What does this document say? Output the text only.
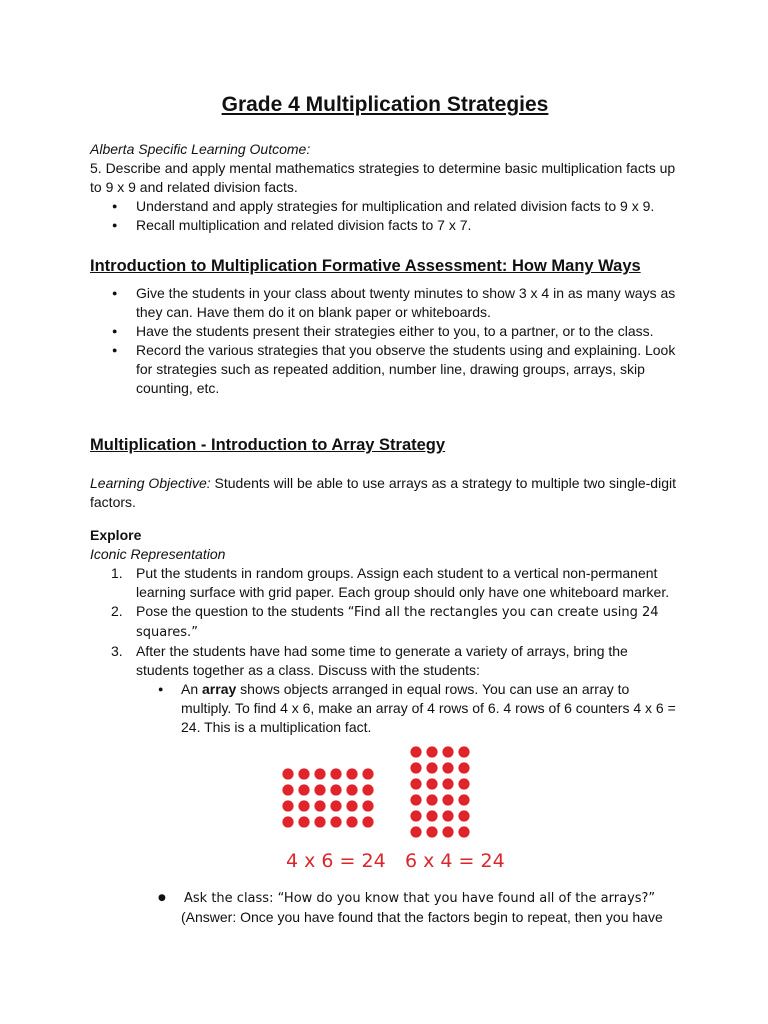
Grade 4 Multiplication Strategies
Alberta Specific Learning Outcome:
5. Describe and apply mental mathematics strategies to determine basic multiplication facts up to 9 x 9 and related division facts.
● Understand and apply strategies for multiplication and related division facts to 9 x 9.
● Recall multiplication and related division facts to 7 x 7.
Introduction to Multiplication Formative Assessment: How Many Ways
● Give the students in your class about twenty minutes to show 3 x 4 in as many ways as they can. Have them do it on blank paper or whiteboards.
● Have the students present their strategies either to you, to a partner, or to the class.
● Record the various strategies that you observe the students using and explaining. Look for strategies such as repeated addition, number line, drawing groups, arrays, skip counting, etc.
Multiplication - Introduction to Array Strategy
Learning Objective: Students will be able to use arrays as a strategy to multiple two single-digit factors.
Explore
Iconic Representation
1. Put the students in random groups. Assign each student to a vertical non-permanent learning surface with grid paper. Each group should only have one whiteboard marker.
2. Pose the question to the students “Find all the rectangles you can create using 24 squares.”
3. After the students have had some time to generate a variety of arrays, bring the students together as a class. Discuss with the students:
● An array shows objects arranged in equal rows. You can use an array to multiply. To find 4 x 6, make an array of 4 rows of 6. 4 rows of 6 counters 4 x 6 = 24. This is a multiplication fact.
4 x 6 = 24 6 x 4 = 24
● Ask the class: “How do you know that you have found all of the arrays?”
(Answer: Once you have found that the factors begin to repeat, then you have
